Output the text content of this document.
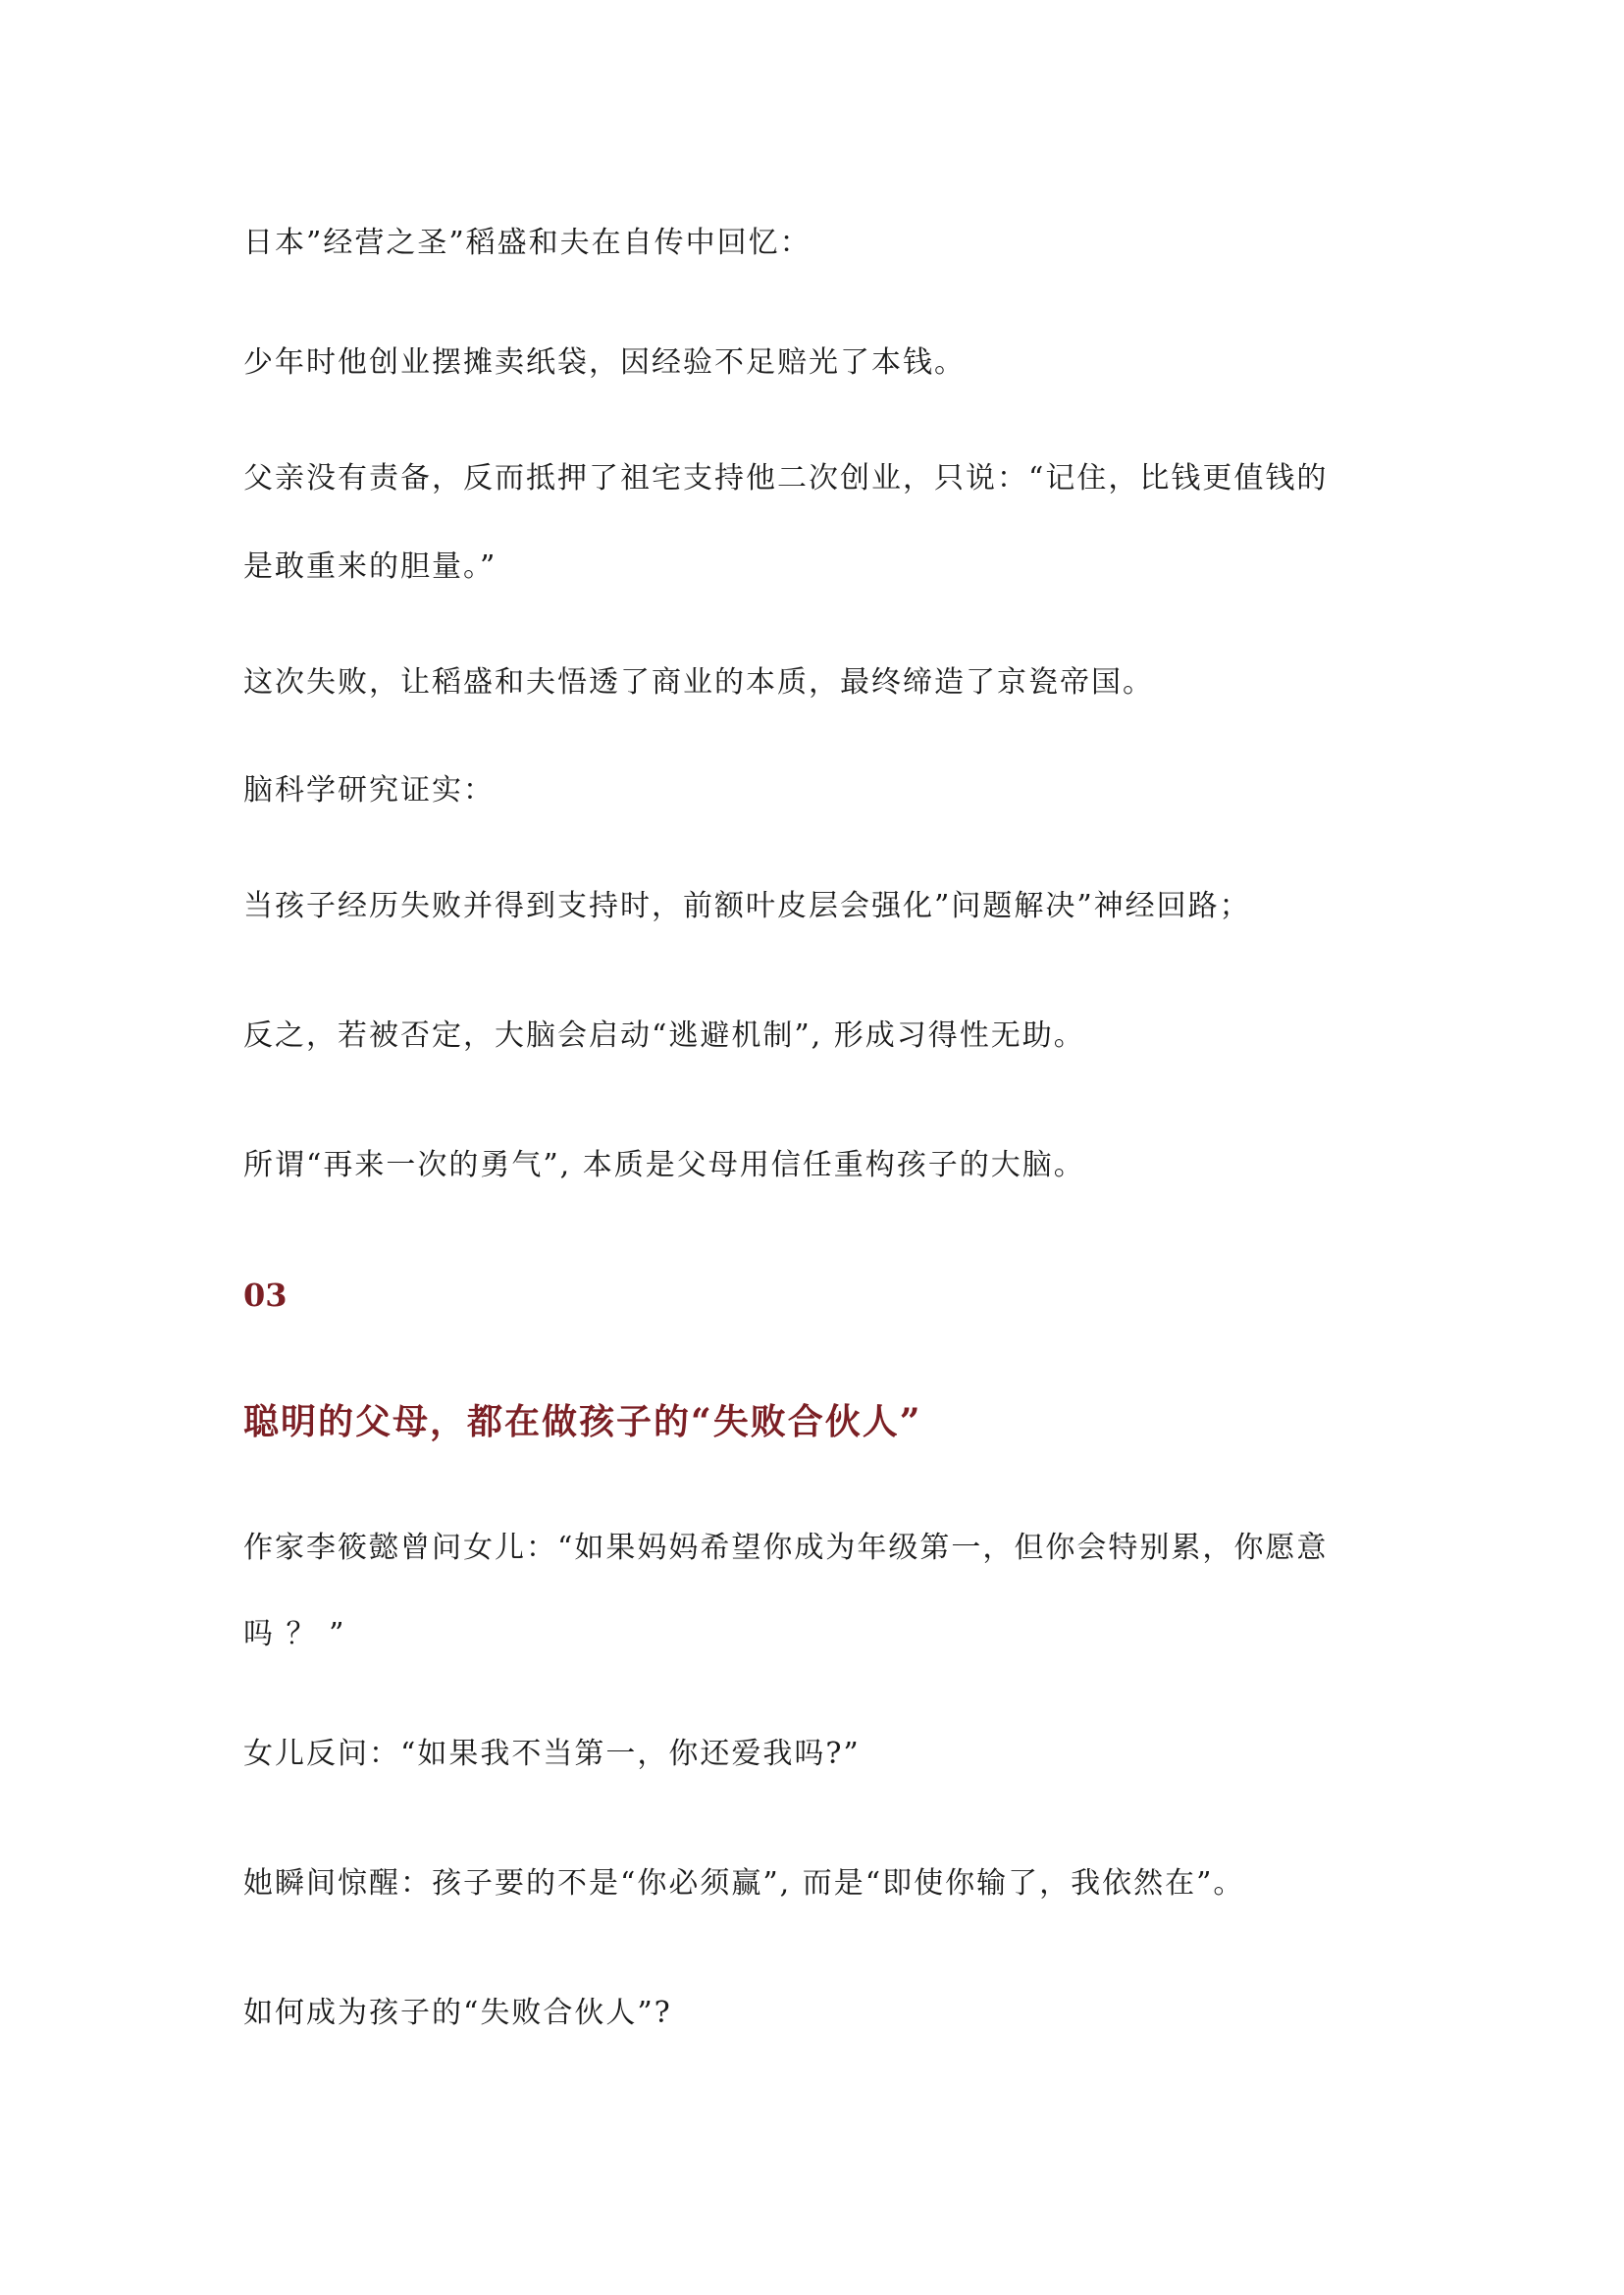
日本”经营之圣”稻盛和夫在自传中回忆：

少年时他创业摆摊卖纸袋，因经验不足赔光了本钱。

父亲没有责备，反而抵押了祖宅支持他二次创业，只说：“记住，比钱更值钱的

是敢重来的胆量。”

这次失败，让稻盛和夫悟透了商业的本质，最终缔造了京瓷帝国。

脑科学研究证实：

当孩子经历失败并得到支持时，前额叶皮层会强化”问题解决”神经回路；

反之，若被否定，大脑会启动“逃避机制”, 形成习得性无助。

所谓“再来一次的勇气”, 本质是父母用信任重构孩子的大脑。

03
聪明的父母，都在做孩子的“失败合伙人”

作家李筱懿曾问女儿：“如果妈妈希望你成为年级第一，但你会特别累，你愿意

吗 ？ ”

女儿反问：“如果我不当第一，你还爱我吗?”

她瞬间惊醒：孩子要的不是“你必须赢”, 而是“即使你输了，我依然在”。

如何成为孩子的“失败合伙人”?
